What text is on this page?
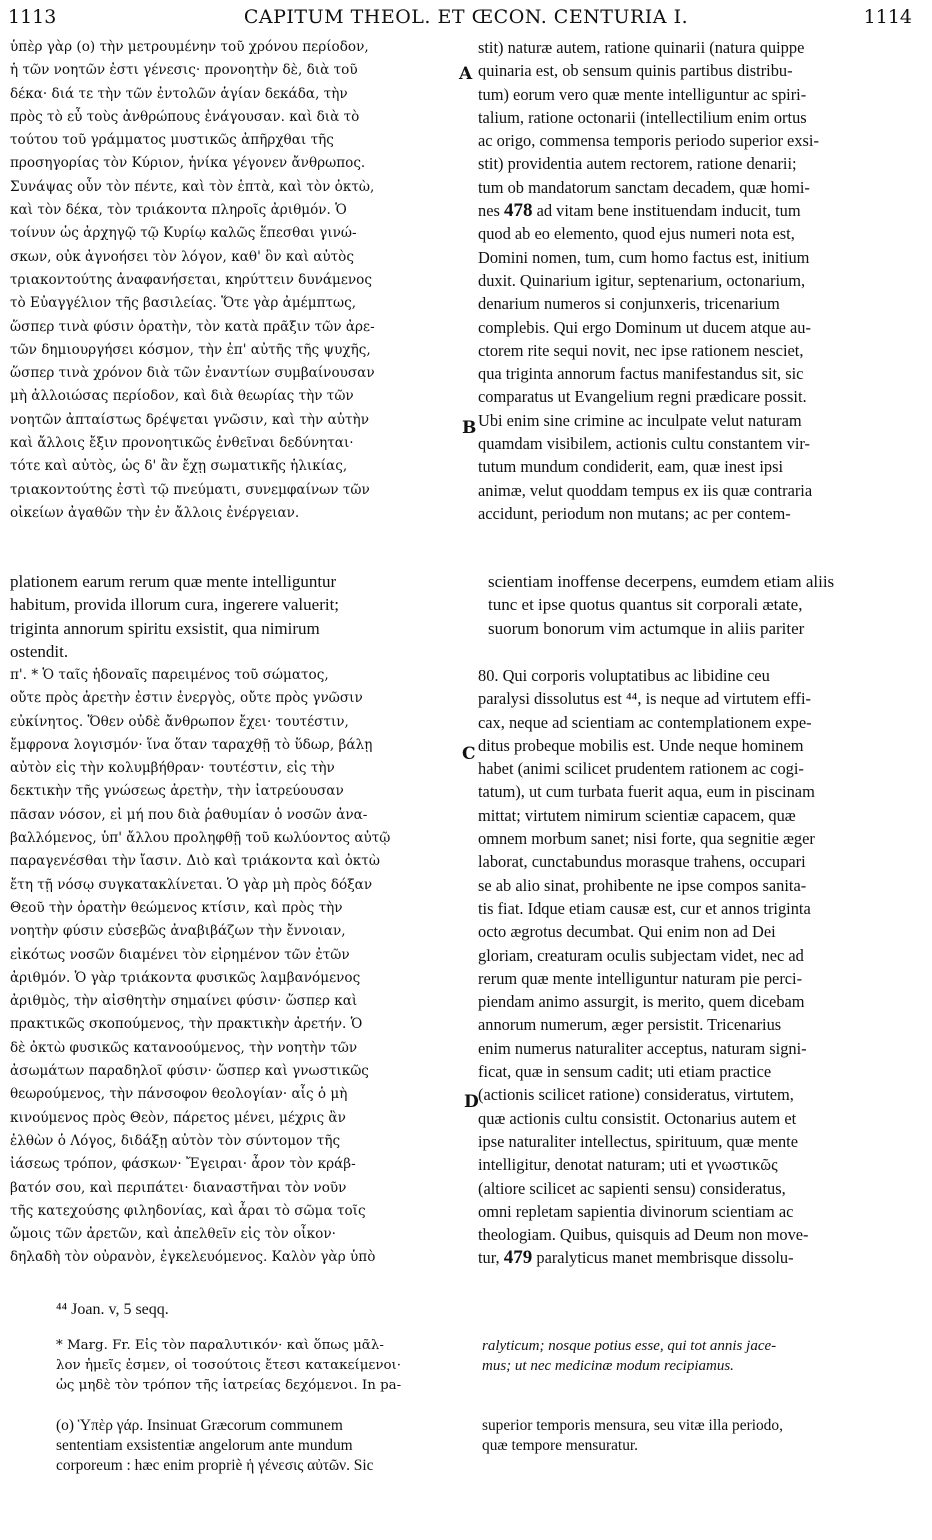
1113	CAPITUM THEOL. ET ŒCON. CENTURIA I.	1114
ὑπὲρ γὰρ (ο) τὴν μετρουμένην τοῦ χρόνου περίοδον,
ἡ τῶν νοητῶν ἐστι γένεσις· προνοητὴν δὲ, διὰ τοῦ
δέκα· διά τε τὴν τῶν ἐντολῶν ἁγίαν δεκάδα, τὴν
πρὸς τὸ εὖ τοὺς ἀνθρώπους ἐνάγουσαν. καὶ διὰ τὸ
τούτου τοῦ γράμματος μυστικῶς ἀπῆρχθαι τῆς
προσηγορίας τὸν Κύριον, ἡνίκα γέγονεν ἄνθρωπος.
Συνάψας οὖν τὸν πέντε, καὶ τὸν ἑπτὰ, καὶ τὸν ὀκτὼ,
καὶ τὸν δέκα, τὸν τριάκοντα πληροῖς ἀριθμόν. Ὁ
τοίνυν ὡς ἀρχηγῷ τῷ Κυρίῳ καλῶς ἕπεσθαι γινώ-
σκων, οὐκ ἀγνοήσει τὸν λόγον, καθ' ὃν καὶ αὐτὸς
τριακοντούτης ἀναφανήσεται, κηρύττειν δυνάμενος
τὸ Εὐαγγέλιον τῆς βασιλείας. Ὅτε γὰρ ἀμέμπτως,
ὥσπερ τινὰ φύσιν ὁρατὴν, τὸν κατὰ πρᾶξιν τῶν ἀρε-
τῶν δημιουργήσει κόσμον, τὴν ἐπ' αὐτῆς τῆς ψυχῆς,
ὥσπερ τινὰ χρόνον διὰ τῶν ἐναντίων συμβαίνουσαν
μὴ ἀλλοιώσας περίοδον, καὶ διὰ θεωρίας τὴν τῶν
νοητῶν ἀπταίστως δρέψεται γνῶσιν, καὶ τὴν αὐτὴν
καὶ ἄλλοις ἔξιν προνοητικῶς ἐνθεῖναι δεδύνηται·
τότε καὶ αὐτὸς, ὡς δ' ἂν ἔχῃ σωματικῆς ἡλικίας,
τριακοντούτης ἐστὶ τῷ πνεύματι, συνεμφαίνων τῶν
οἰκείων ἀγαθῶν τὴν ἐν ἄλλοις ἐνέργειαν.
stit) naturæ autem, ratione quinarii (natura quippe
quinaria est, ob sensum quinis partibus distribu-
tum) eorum vero quæ mente intelliguntur ac spiri-
talium, ratione octonarii (intellectilium enim ortus
ac origo, commensa temporis periodo superior exsi-
stit) providentia autem rectorem, ratione denarii;
tum ob mandatorum sanctam decadem, quæ homi-
nes 478 ad vitam bene instituendam inducit, tum
quod ab eo elemento, quod ejus numeri nota est,
Domini nomen, tum, cum homo factus est, initium
duxit. Quinarium igitur, septenarium, octonarium,
denarium numeros si conjunxeris, tricenarium
complebis. Qui ergo Dominum ut ducem atque au-
ctorem rite sequi novit, nec ipse rationem nesciet,
qua triginta annorum factus manifestandus sit, sic
comparatus ut Evangelium regni prædicare possit.
Ubi enim sine crimine ac inculpate velut naturam
quamdam visibilem, actionis cultu constantem vir-
tutum mundum condiderit, eam, quæ inest ipsi
animæ, velut quoddam tempus ex iis quæ contraria
accidunt, periodum non mutans; ac per contem-
A
B
C
D
plationem earum rerum quæ mente intelliguntur	scientiam inoffense decerpens, eumdem etiam aliis
habitum, provida illorum cura, ingerere valuerit;	tunc et ipse quotus quantus sit corporali ætate,
triginta annorum spiritu exsistit, qua nimirum	suorum bonorum vim actumque in aliis pariter
ostendit.
π'. * Ὁ ταῖς ἡδοναῖς παρειμένος τοῦ σώματος,
οὔτε πρὸς ἀρετὴν ἐστιν ἐνεργὸς, οὔτε πρὸς γνῶσιν
εὐκίνητος. Ὅθεν οὐδὲ ἄνθρωπον ἔχει· τουτέστιν,
ἔμφρονα λογισμόν· ἵνα ὅταν ταραχθῇ τὸ ὕδωρ, βάλῃ
αὐτὸν εἰς τὴν κολυμβήθραν· τουτέστιν, εἰς τὴν
δεκτικὴν τῆς γνώσεως ἀρετὴν, τὴν ἰατρεύουσαν
πᾶσαν νόσον, εἰ μή που διὰ ῥαθυμίαν ὁ νοσῶν ἀνα-
βαλλόμενος, ὑπ' ἄλλου προληφθῇ τοῦ κωλύοντος αὐτῷ
παραγενέσθαι τὴν ἴασιν. Διὸ καὶ τριάκοντα καὶ ὀκτὼ
ἔτη τῇ νόσῳ συγκατακλίνεται. Ὁ γὰρ μὴ πρὸς δόξαν
Θεοῦ τὴν ὁρατὴν θεώμενος κτίσιν, καὶ πρὸς τὴν
νοητὴν φύσιν εὐσεβῶς ἀναβιβάζων τὴν ἔννοιαν,
εἰκότως νοσῶν διαμένει τὸν εἰρημένον τῶν ἐτῶν
ἀριθμόν. Ὁ γὰρ τριάκοντα φυσικῶς λαμβανόμενος
ἀριθμὸς, τὴν αἰσθητὴν σημαίνει φύσιν· ὥσπερ καὶ
πρακτικῶς σκοπούμενος, τὴν πρακτικὴν ἀρετήν. Ὁ
δὲ ὀκτὼ φυσικῶς κατανοούμενος, τὴν νοητὴν τῶν
ἀσωμάτων παραδηλοῖ φύσιν· ὥσπερ καὶ γνωστικῶς
θεωρούμενος, τὴν πάνσοφον θεολογίαν· αἷς ὁ μὴ
κινούμενος πρὸς Θεὸν, πάρετος μένει, μέχρις ἂν
ἐλθὼν ὁ Λόγος, διδάξῃ αὐτὸν τὸν σύντομον τῆς
ἰάσεως τρόπον, φάσκων· Ἔγειραι· ἆρον τὸν κράβ-
βατόν σου, καὶ περιπάτει· διαναστῆναι τὸν νοῦν
τῆς κατεχούσης φιληδονίας, καὶ ἆραι τὸ σῶμα τοῖς
ὤμοις τῶν ἀρετῶν, καὶ ἀπελθεῖν εἰς τὸν οἶκον·
δηλαδὴ τὸν οὐρανὸν, ἐγκελευόμενος. Καλὸν γὰρ ὑπὸ
80. Qui corporis voluptatibus ac libidine ceu
paralysi dissolutus est ⁴⁴, is neque ad virtutem effi-
cax, neque ad scientiam ac contemplationem expe-
ditus probeque mobilis est. Unde neque hominem
habet (animi scilicet prudentem rationem ac cogi-
tatum), ut cum turbata fuerit aqua, eum in piscinam
mittat; virtutem nimirum scientiæ capacem, quæ
omnem morbum sanet; nisi forte, qua segnitie æger
laborat, cunctabundus morasque trahens, occupari
se ab alio sinat, prohibente ne ipse compos sanita-
tis fiat. Idque etiam causæ est, cur et annos triginta
octo ægrotus decumbat. Qui enim non ad Dei
gloriam, creaturam oculis subjectam videt, nec ad
rerum quæ mente intelliguntur naturam pie perci-
piendam animo assurgit, is merito, quem dicebam
annorum numerum, æger persistit. Tricenarius
enim numerus naturaliter acceptus, naturam signi-
ficat, quæ in sensum cadit; uti etiam practice
(actionis scilicet ratione) consideratus, virtutem,
quæ actionis cultu consistit. Octonarius autem et
ipse naturaliter intellectus, spirituum, quæ mente
intelligitur, denotat naturam; uti et γνωστικῶς
(altiore scilicet ac sapienti sensu) consideratus,
omni repletam sapientia divinorum scientiam ac
theologiam. Quibus, quisquis ad Deum non move-
tur, 479 paralyticus manet membrisque dissolu-
⁴⁴ Joan. v, 5 seqq.
* Marg. Fr. Εἰς τὸν παραλυτικόν· καὶ ὅπως μᾶλ-
λον ἡμεῖς ἐσμεν, οἱ τοσούτοις ἔτεσι κατακείμενοι·
ὡς μηδὲ τὸν τρόπον τῆς ἰατρείας δεχόμενοι. In pa-
ralyticum; nosque potius esse, qui tot annis jace-
mus; ut nec medicinæ modum recipiamus.
(ο) Ὑπὲρ γάρ. Insinuat Græcorum communem
sententiam exsistentiæ angelorum ante mundum
corporeum : hæc enim propriè ἡ γένεσις αὐτῶν. Sic
superior temporis mensura, seu vitæ illa periodo,
quæ tempore mensuratur.
